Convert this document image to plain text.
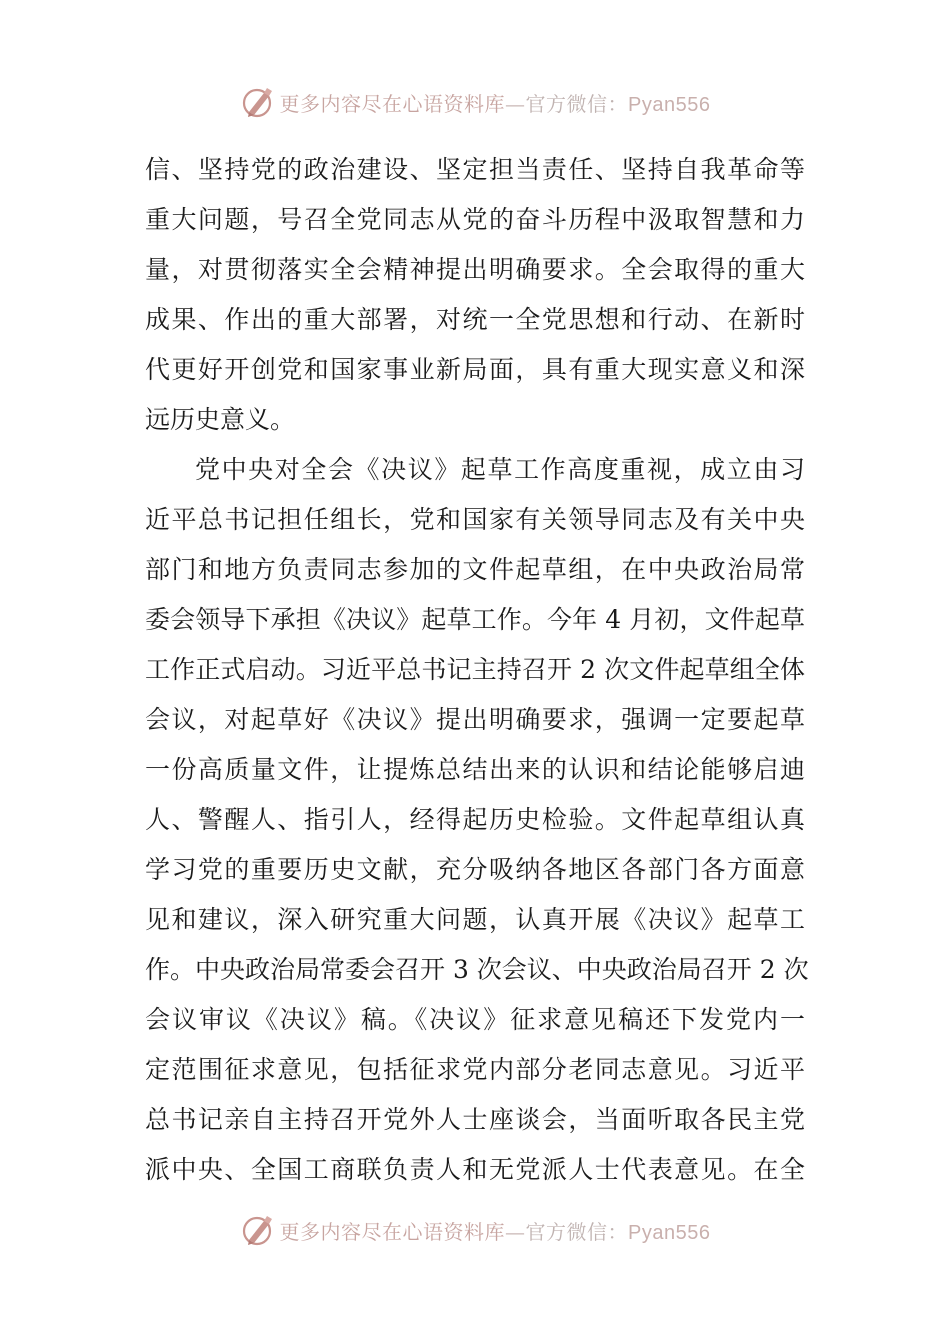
更多内容尽在心语资料库—官方微信：Pyan556
信、坚持党的政治建设、坚定担当责任、坚持自我革命等
重大问题，号召全党同志从党的奋斗历程中汲取智慧和力
量，对贯彻落实全会精神提出明确要求。全会取得的重大
成果、作出的重大部署，对统一全党思想和行动、在新时
代更好开创党和国家事业新局面，具有重大现实意义和深
远历史意义。
党中央对全会《决议》起草工作高度重视，成立由习
近平总书记担任组长，党和国家有关领导同志及有关中央
部门和地方负责同志参加的文件起草组，在中央政治局常
委会领导下承担《决议》起草工作。今年 4 月初，文件起草
工作正式启动。习近平总书记主持召开 2 次文件起草组全体
会议，对起草好《决议》提出明确要求，强调一定要起草
一份高质量文件，让提炼总结出来的认识和结论能够启迪
人、警醒人、指引人，经得起历史检验。文件起草组认真
学习党的重要历史文献，充分吸纳各地区各部门各方面意
见和建议，深入研究重大问题，认真开展《决议》起草工
作。中央政治局常委会召开 3 次会议、中央政治局召开 2 次
会议审议《决议》稿。《决议》征求意见稿还下发党内一
定范围征求意见，包括征求党内部分老同志意见。习近平
总书记亲自主持召开党外人士座谈会，当面听取各民主党
派中央、全国工商联负责人和无党派人士代表意见。在全
更多内容尽在心语资料库—官方微信：Pyan556
